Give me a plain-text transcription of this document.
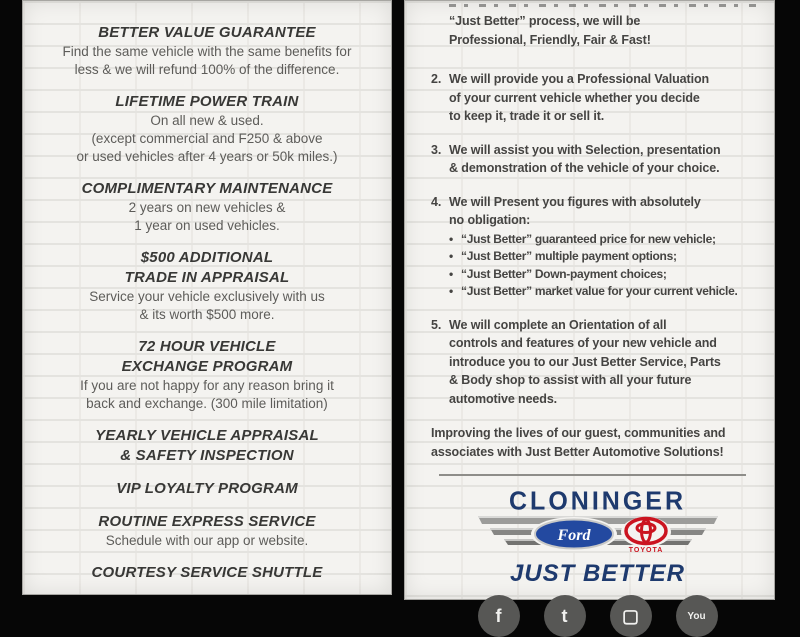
BETTER VALUE GUARANTEE
Find the same vehicle with the same benefits for
less & we will refund 100% of the difference.
LIFETIME POWER TRAIN
On all new & used.
(except commercial and F250 & above
or used vehicles after 4 years or 50k miles.)
COMPLIMENTARY MAINTENANCE
2 years on new vehicles &
1 year on used vehicles.
$500 ADDITIONAL
TRADE IN APPRAISAL
Service your vehicle exclusively with us
& its worth $500 more.
72 HOUR VEHICLE
EXCHANGE PROGRAM
If you are not happy for any reason bring it
back and exchange. (300 mile limitation)
YEARLY VEHICLE APPRAISAL
& SAFETY INSPECTION
VIP LOYALTY PROGRAM
ROUTINE EXPRESS SERVICE
Schedule with our app or website.
COURTESY SERVICE SHUTTLE
“Just Better” process, we will be
Professional, Friendly, Fair & Fast!
2. We will provide you a Professional Valuation
of your current vehicle whether you decide
to keep it, trade it or sell it.
3. We will assist you with Selection, presentation
& demonstration of the vehicle of your choice.
4. We will Present you figures with absolutely
no obligation:
• “Just Better” guaranteed price for new vehicle;
• “Just Better” multiple payment options;
• “Just Better” Down-payment choices;
• “Just Better” market value for your current vehicle.
5. We will complete an Orientation of all
controls and features of your new vehicle and
introduce you to our Just Better Service, Parts
& Body shop to assist with all your future
automotive needs.
Improving the lives of our guest, communities and
associates with Just Better Automotive Solutions!
CLONINGER
Ford
TOYOTA
JUST BETTER
f	t	▢	You
